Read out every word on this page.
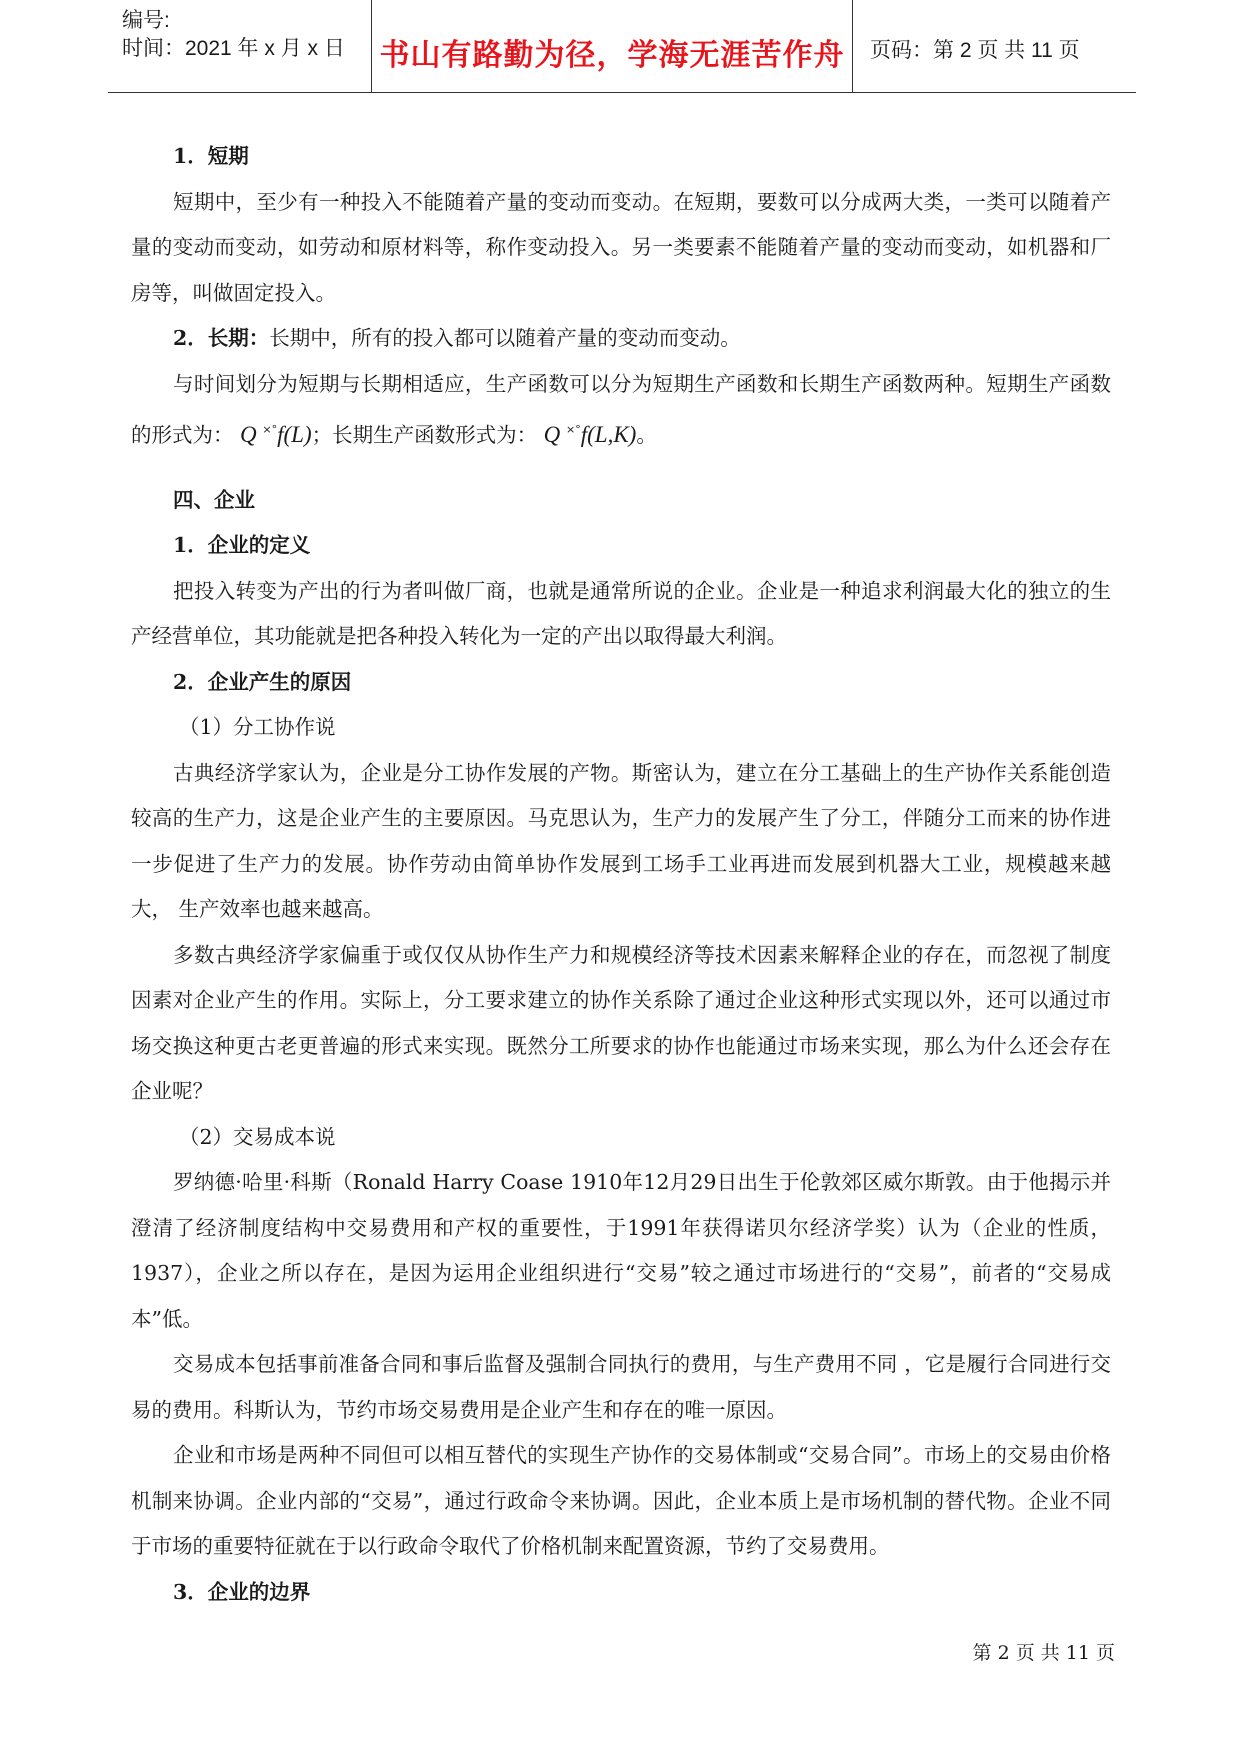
编号:
时间：2021 年 x 月 x 日 书山有路勤为径，学海无涯苦作舟	页码：第 2 页 共 11 页

1．短期

短期中，至少有一种投入不能随着产量的变动而变动。在短期，要数可以分成两大类，一类可以随着产量的变动而变动，如劳动和原材料等，称作变动投入。另一类要素不能随着产量的变动而变动，如机器和厂房等，叫做固定投入。

2．长期：长期中，所有的投入都可以随着产量的变动而变动。

与时间划分为短期与长期相适应，生产函数可以分为短期生产函数和长期生产函数两种。短期生产函数的形式为： Q ×°f(L)；长期生产函数形式为： Q ×°f(L,K)。

四、企业

1．企业的定义

把投入转变为产出的行为者叫做厂商，也就是通常所说的企业。企业是一种追求利润最大化的独立的生产经营单位，其功能就是把各种投入转化为一定的产出以取得最大利润。

2．企业产生的原因

（1）分工协作说

古典经济学家认为，企业是分工协作发展的产物。斯密认为，建立在分工基础上的生产协作关系能创造较高的生产力，这是企业产生的主要原因。马克思认为，生产力的发展产生了分工，伴随分工而来的协作进一步促进了生产力的发展。协作劳动由简单协作发展到工场手工业再进而发展到机器大工业，规模越来越大， 生产效率也越来越高。

多数古典经济学家偏重于或仅仅从协作生产力和规模经济等技术因素来解释企业的存在，而忽视了制度因素对企业产生的作用。实际上，分工要求建立的协作关系除了通过企业这种形式实现以外，还可以通过市场交换这种更古老更普遍的形式来实现。既然分工所要求的协作也能通过市场来实现，那么为什么还会存在企业呢？

（2）交易成本说

罗纳德·哈里·科斯（Ronald Harry Coase 1910年12月29日出生于伦敦郊区威尔斯敦。由于他揭示并澄清了经济制度结构中交易费用和产权的重要性，于1991年获得诺贝尔经济学奖）认为（企业的性质，1937），企业之所以存在，是因为运用企业组织进行“交易”较之通过市场进行的“交易”，前者的“交易成本”低。

交易成本包括事前准备合同和事后监督及强制合同执行的费用，与生产费用不同 ，它是履行合同进行交易的费用。科斯认为，节约市场交易费用是企业产生和存在的唯一原因。

企业和市场是两种不同但可以相互替代的实现生产协作的交易体制或“交易合同”。市场上的交易由价格机制来协调。企业内部的“交易”，通过行政命令来协调。因此，企业本质上是市场机制的替代物。企业不同于市场的重要特征就在于以行政命令取代了价格机制来配置资源，节约了交易费用。

3．企业的边界

第 2 页 共 11 页
